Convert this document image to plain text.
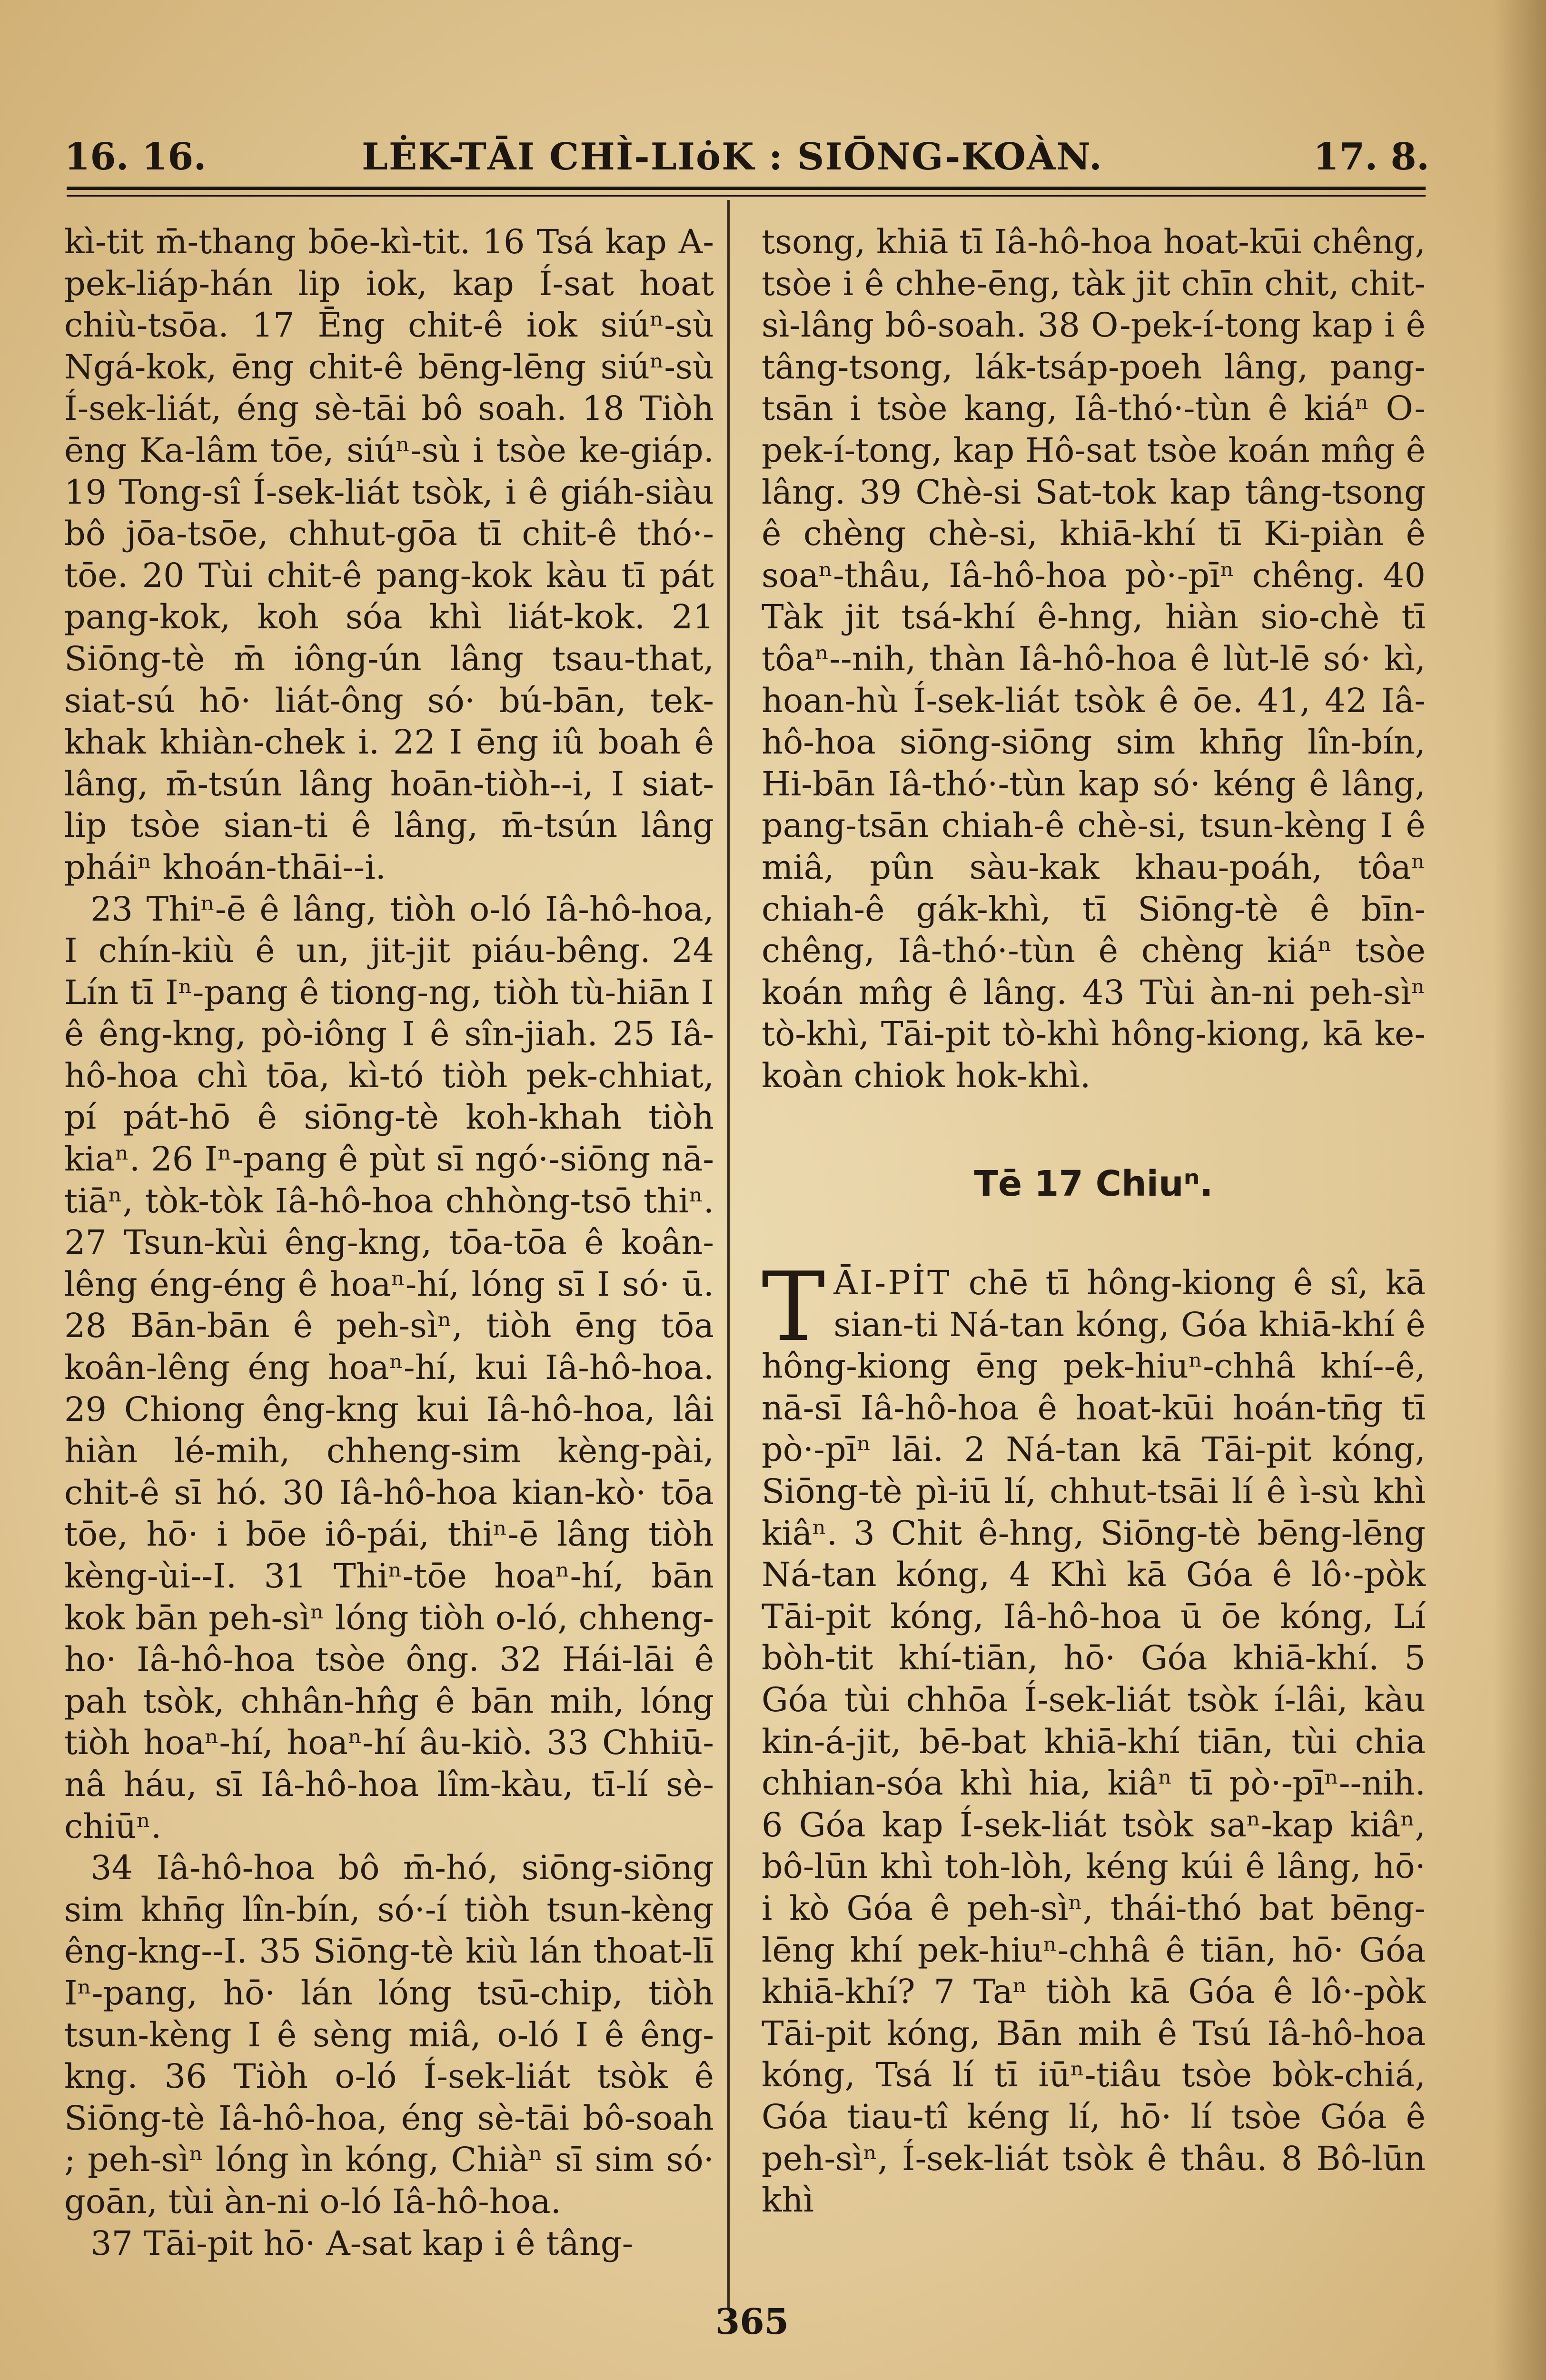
16. 16.	LĖK-TĀI CHÌ-LIȯK : SIŌNG-KOÀN.	17. 8.

kì-tit m̄-thang bōe-kì-tit. 16 Tsá kap A-pek-liáp-hán lip iok, kap Í-sat hoat chiù-tsōa. 17 Ēng chit-ê iok siúⁿ-sù Ngá-kok, ēng chit-ê bēng-lēng siúⁿ-sù Í-sek-liát, éng sè-tāi bô soah. 18 Tiòh ēng Ka-lâm tōe, siúⁿ-sù i tsòe ke-giáp. 19 Tong-sî Í-sek-liát tsòk, i ê giáh-siàu bô jōa-tsōe, chhut-gōa tī chit-ê thó·-tōe. 20 Tùi chit-ê pang-kok kàu tī pát pang-kok, koh sóa khì liát-kok. 21 Siōng-tè m̄ iông-ún lâng tsau-that, siat-sú hō· liát-ông só· bú-bān, tek-khak khiàn-chek i. 22 I ēng iû boah ê lâng, m̄-tsún lâng hoān-tiòh--i, I siat-lip tsòe sian-ti ê lâng, m̄-tsún lâng pháiⁿ khoán-thāi--i.

23 Thiⁿ-ē ê lâng, tiòh o-ló Iâ-hô-hoa, I chín-kiù ê un, jit-jit piáu-bêng. 24 Lín tī Iⁿ-pang ê tiong-ng, tiòh tù-hiān I ê êng-kng, pò-iông I ê sîn-jiah. 25 Iâ-hô-hoa chì tōa, kì-tó tiòh pek-chhiat, pí pát-hō ê siōng-tè koh-khah tiòh kiaⁿ. 26 Iⁿ-pang ê pùt sī ngó·-siōng nā-tiāⁿ, tòk-tòk Iâ-hô-hoa chhòng-tsō thiⁿ. 27 Tsun-kùi êng-kng, tōa-tōa ê koân-lêng éng-éng ê hoaⁿ-hí, lóng sī I só· ū. 28 Bān-bān ê peh-sìⁿ, tiòh ēng tōa koân-lêng éng hoaⁿ-hí, kui Iâ-hô-hoa. 29 Chiong êng-kng kui Iâ-hô-hoa, lâi hiàn lé-mih, chheng-sim kèng-pài, chit-ê sī hó. 30 Iâ-hô-hoa kian-kò· tōa tōe, hō· i bōe iô-pái, thiⁿ-ē lâng tiòh kèng-ùi--I. 31 Thiⁿ-tōe hoaⁿ-hí, bān kok bān peh-sìⁿ lóng tiòh o-ló, chheng-ho· Iâ-hô-hoa tsòe ông. 32 Hái-lāi ê pah tsòk, chhân-hn̂g ê bān mih, lóng tiòh hoaⁿ-hí, hoaⁿ-hí âu-kiò. 33 Chhiū-nâ háu, sī Iâ-hô-hoa lîm-kàu, tī-lí sè-chiūⁿ.

34 Iâ-hô-hoa bô m̄-hó, siōng-siōng sim khn̄g lîn-bín, só·-í tiòh tsun-kèng êng-kng--I. 35 Siōng-tè kiù lán thoat-lī Iⁿ-pang, hō· lán lóng tsū-chip, tiòh tsun-kèng I ê sèng miâ, o-ló I ê êng-kng. 36 Tiòh o-ló Í-sek-liát tsòk ê Siōng-tè Iâ-hô-hoa, éng sè-tāi bô-soah ; peh-sìⁿ lóng ìn kóng, Chiàⁿ sī sim só· goān, tùi àn-ni o-ló Iâ-hô-hoa.

37 Tāi-pit hō· A-sat kap i ê tâng-

tsong, khiā tī Iâ-hô-hoa hoat-kūi chêng, tsòe i ê chhe-ēng, tàk jit chīn chit, chit-sì-lâng bô-soah. 38 O-pek-í-tong kap i ê tâng-tsong, lák-tsáp-poeh lâng, pang-tsān i tsòe kang, Iâ-thó·-tùn ê kiáⁿ O-pek-í-tong, kap Hô-sat tsòe koán mn̂g ê lâng. 39 Chè-si Sat-tok kap tâng-tsong ê chèng chè-si, khiā-khí tī Ki-piàn ê soaⁿ-thâu, Iâ-hô-hoa pò·-pīⁿ chêng. 40 Tàk jit tsá-khí ê-hng, hiàn sio-chè tī tôaⁿ--nih, thàn Iâ-hô-hoa ê lùt-lē só· kì, hoan-hù Í-sek-liát tsòk ê ōe. 41, 42 Iâ-hô-hoa siōng-siōng sim khn̄g lîn-bín, Hi-bān Iâ-thó·-tùn kap só· kéng ê lâng, pang-tsān chiah-ê chè-si, tsun-kèng I ê miâ, pûn sàu-kak khau-poáh, tôaⁿ chiah-ê gák-khì, tī Siōng-tè ê bīn-chêng, Iâ-thó·-tùn ê chèng kiáⁿ tsòe koán mn̂g ê lâng. 43 Tùi àn-ni peh-sìⁿ tò-khì, Tāi-pit tò-khì hông-kiong, kā ke-koàn chiok hok-khì.

Tē 17 Chiuⁿ.

TĀI-PİT chē tī hông-kiong ê sî, kā sian-ti Ná-tan kóng, Góa khiā-khí ê hông-kiong ēng pek-hiuⁿ-chhâ khí--ê, nā-sī Iâ-hô-hoa ê hoat-kūi hoán-tn̄g tī pò·-pīⁿ lāi. 2 Ná-tan kā Tāi-pit kóng, Siōng-tè pì-iū lí, chhut-tsāi lí ê ì-sù khì kiâⁿ. 3 Chit ê-hng, Siōng-tè bēng-lēng Ná-tan kóng, 4 Khì kā Góa ê lô·-pòk Tāi-pit kóng, Iâ-hô-hoa ū ōe kóng, Lí bòh-tit khí-tiān, hō· Góa khiā-khí. 5 Góa tùi chhōa Í-sek-liát tsòk í-lâi, kàu kin-á-jit, bē-bat khiā-khí tiān, tùi chia chhian-sóa khì hia, kiâⁿ tī pò·-pīⁿ--nih. 6 Góa kap Í-sek-liát tsòk saⁿ-kap kiâⁿ, bô-lūn khì toh-lòh, kéng kúi ê lâng, hō· i kò Góa ê peh-sìⁿ, thái-thó bat bēng-lēng khí pek-hiuⁿ-chhâ ê tiān, hō· Góa khiā-khí? 7 Taⁿ tiòh kā Góa ê lô·-pòk Tāi-pit kóng, Bān mih ê Tsú Iâ-hô-hoa kóng, Tsá lí tī iūⁿ-tiâu tsòe bòk-chiá, Góa tiau-tî kéng lí, hō· lí tsòe Góa ê peh-sìⁿ, Í-sek-liát tsòk ê thâu. 8 Bô-lūn khì

365
